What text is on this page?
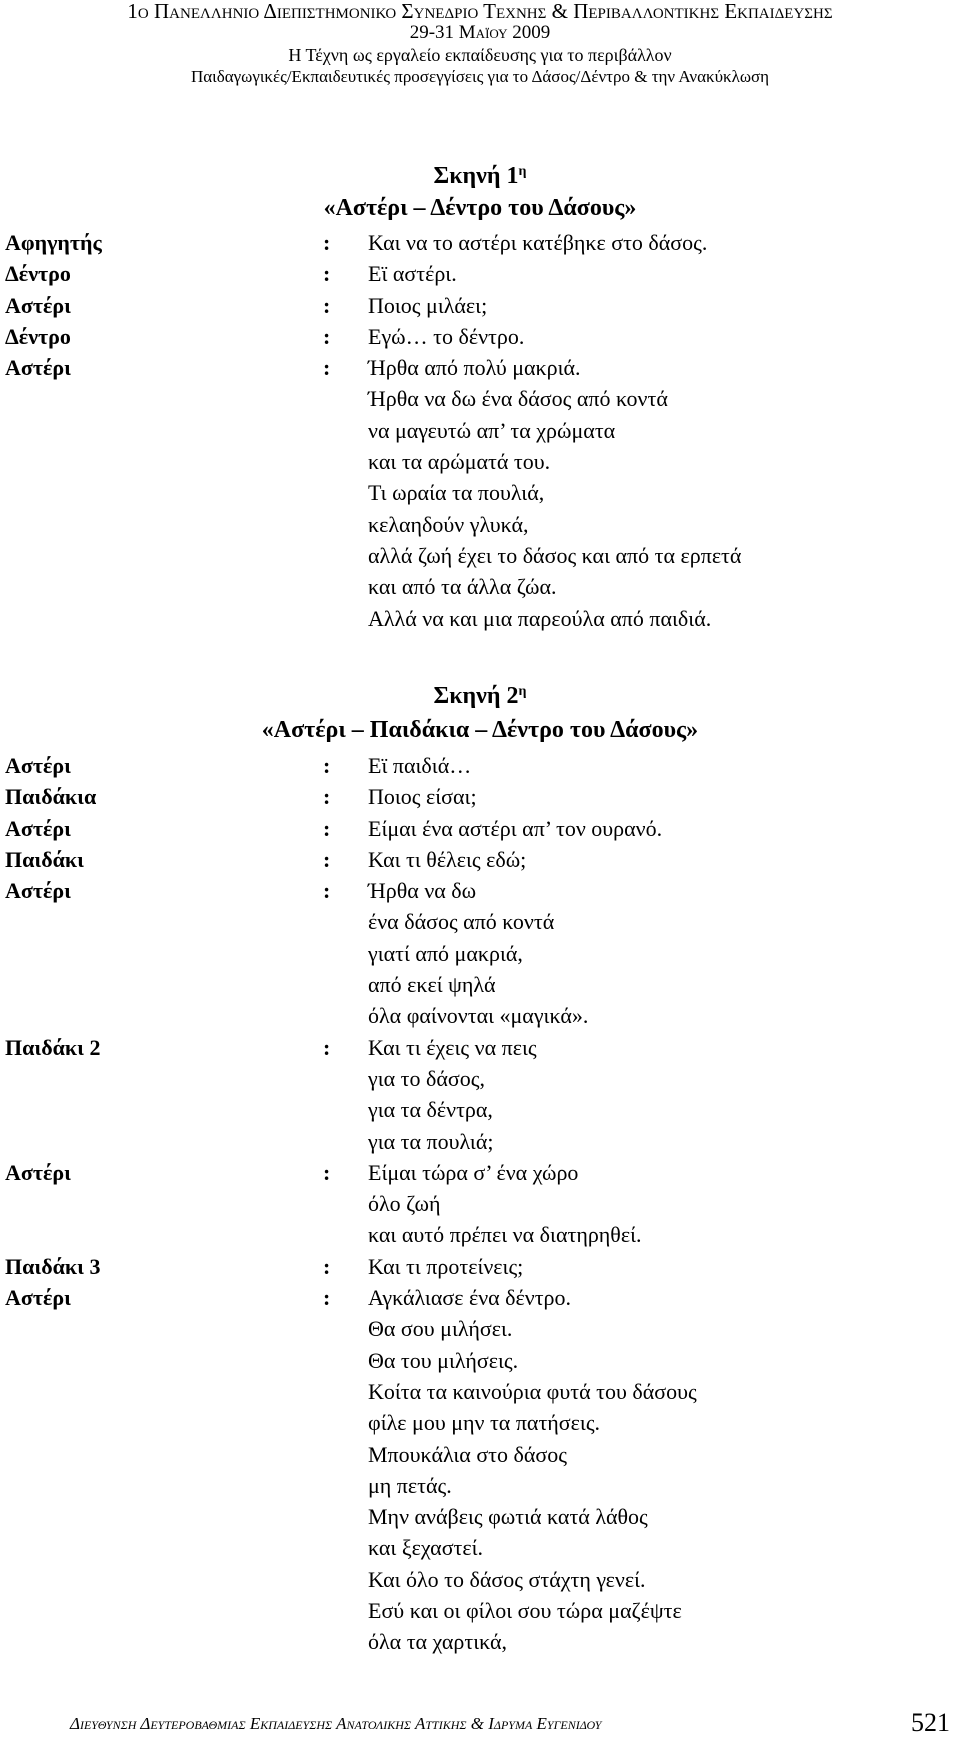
1ο Πανελληνιο Διεπιστημονικο Συνεδριο Τεχνης & Περιβαλλοντικης Εκπαιδευσης
29-31 Μαϊου 2009
Η Τέχνη ως εργαλείο εκπαίδευσης για το περιβάλλον
Παιδαγωγικές/Εκπαιδευτικές προσεγγίσεις για το Δάσος/Δέντρο & την Ανακύκλωση
Σκηνή $1^\eta$
«Αστέρι – Δέντρο του Δάσους»
Αφηγητής	:	Και να το αστέρι κατέβηκε στο δάσος.
Δέντρο	:	Εϊ αστέρι.
Αστέρι	:	Ποιος μιλάει;
Δέντρο	:	Εγώ… το δέντρο.
Αστέρι	:	Ήρθα από πολύ μακριά.
Ήρθα να δω ένα δάσος από κοντά
να μαγευτώ απ’ τα χρώματα
και τα αρώματά του.
Τι ωραία τα πουλιά,
κελαηδούν γλυκά,
αλλά ζωή έχει το δάσος και από τα ερπετά
και από τα άλλα ζώα.
Αλλά να και μια παρεούλα από παιδιά.
Σκηνή $2^\eta$
«Αστέρι – Παιδάκια – Δέντρο του Δάσους»
Αστέρι	:	Εϊ παιδιά…
Παιδάκια	:	Ποιος είσαι;
Αστέρι	:	Είμαι ένα αστέρι απ’ τον ουρανό.
Παιδάκι	:	Και τι θέλεις εδώ;
Αστέρι	:	Ήρθα να δω
ένα δάσος από κοντά
γιατί από μακριά,
από εκεί ψηλά
όλα φαίνονται «μαγικά».
Παιδάκι 2	:	Και τι έχεις να πεις
για το δάσος,
για τα δέντρα,
για τα πουλιά;
Αστέρι	:	Είμαι τώρα σ’ ένα χώρο
όλο ζωή
και αυτό πρέπει να διατηρηθεί.
Παιδάκι 3	:	Και τι προτείνεις;
Αστέρι	:	Αγκάλιασε ένα δέντρο.
Θα σου μιλήσει.
Θα του μιλήσεις.
Κοίτα τα καινούρια φυτά του δάσους
φίλε μου μην τα πατήσεις.
Μπουκάλια στο δάσος
μη πετάς.
Μην ανάβεις φωτιά κατά λάθος
και ξεχαστεί.
Και όλο το δάσος στάχτη γενεί.
Εσύ και οι φίλοι σου τώρα μαζέψτε
όλα τα χαρτικά,
Διευθυνση Δευτεροβαθμιας Εκπαιδευσης Ανατολικης Αττικης & Ιδρυμα Ευγενιδου	521
